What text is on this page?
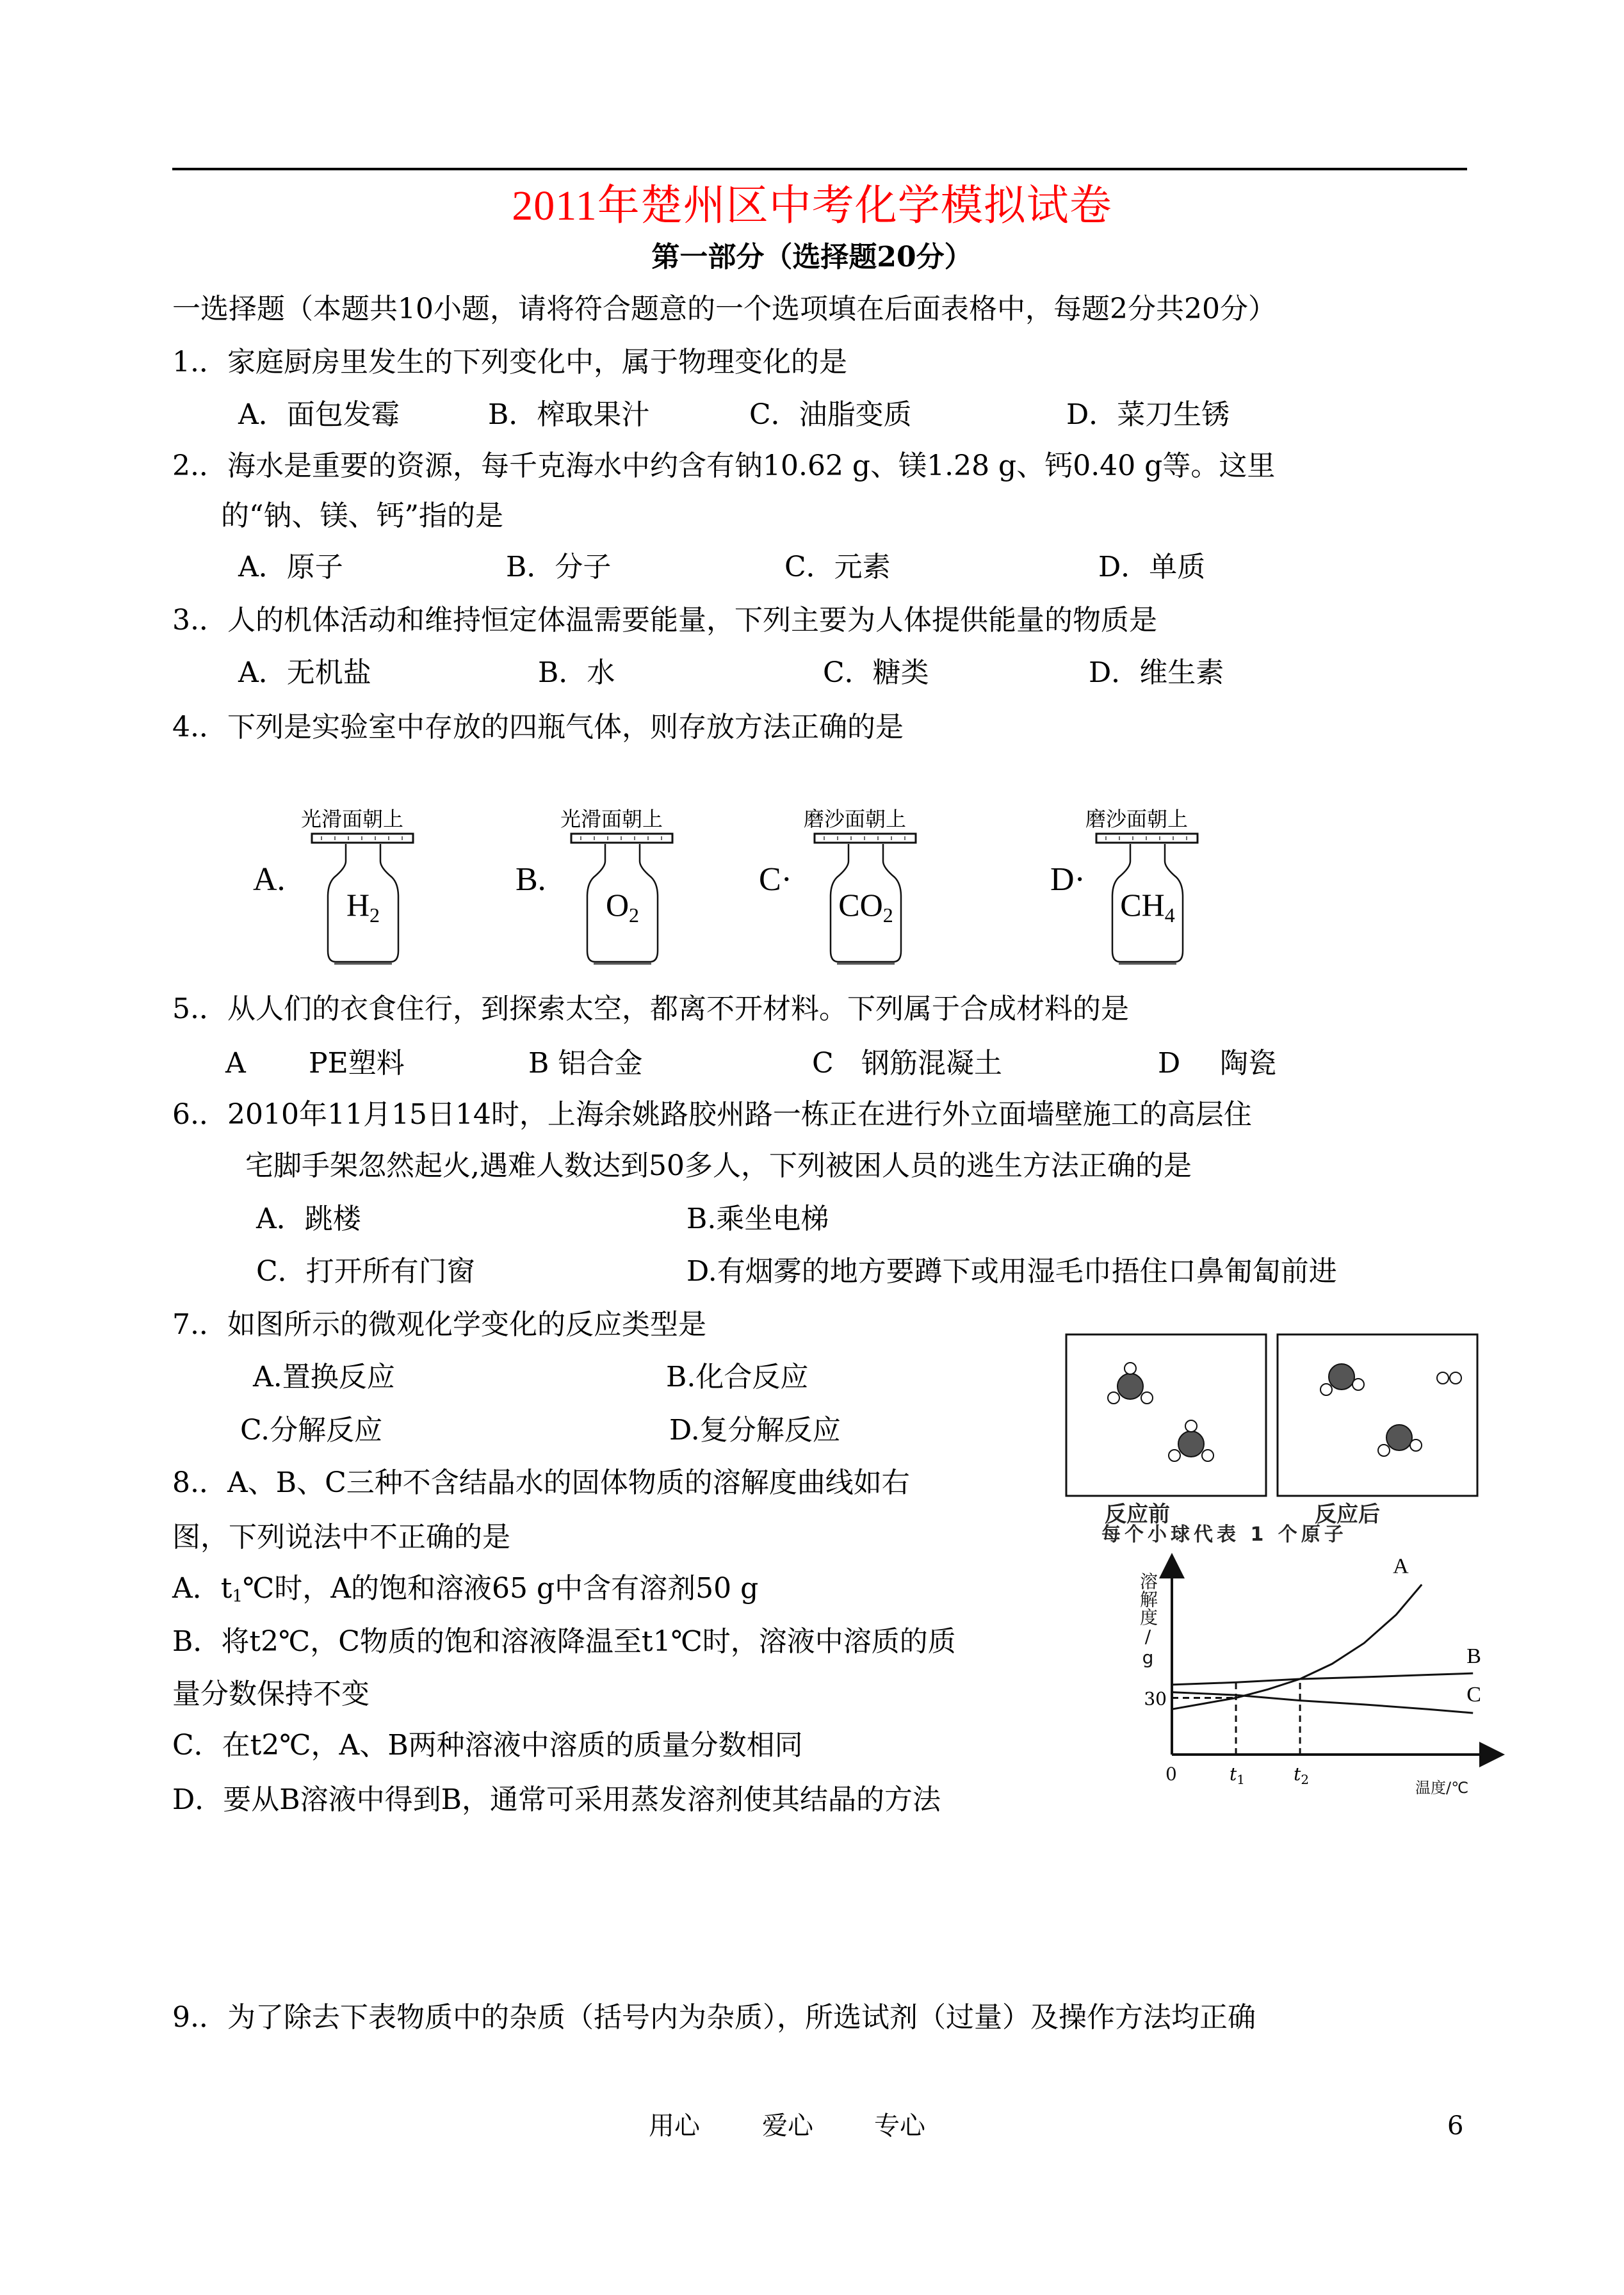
2011年楚州区中考化学模拟试卷
第一部分（选择题20分）
一选择题（本题共10小题，请将符合题意的一个选项填在后面表格中，每题2分共20分）
1.．家庭厨房里发生的下列变化中，属于物理变化的是
A．面包发霉	B．榨取果汁	C．油脂变质	D．菜刀生锈
2.．海水是重要的资源，每千克海水中约含有钠10.62 g、镁1.28 g、钙0.40 g等。这里
的“钠、镁、钙”指的是
A．原子	B．分子	C．元素	D．单质
3.．人的机体活动和维持恒定体温需要能量，下列主要为人体提供能量的物质是
A．无机盐	B．水	C．糖类	D．维生素
4.．下列是实验室中存放的四瓶气体，则存放方法正确的是
光滑面朝上
$H_2$
A.
光滑面朝上
$O_2$
B.
磨沙面朝上
$CO_2$
C·
磨沙面朝上
$CH_4$
D·
5.．从人们的衣食住行，到探索太空，都离不开材料。下列属于合成材料的是
A PE塑料	B 铝合金	C 钢筋混凝土	D 陶瓷
6.．2010年11月15日14时，上海余姚路胶州路一栋正在进行外立面墙壁施工的高层住
宅脚手架忽然起火,遇难人数达到50多人，下列被困人员的逃生方法正确的是
A．跳楼	B.乘坐电梯
C．打开所有门窗	D.有烟雾的地方要蹲下或用湿毛巾捂住口鼻匍匐前进
7.．如图所示的微观化学变化的反应类型是
A.置换反应	B.化合反应
C.分解反应	D.复分解反应
反应前	反应后
每个小球代表 1 个原子
8.．A、B、C三种不含结晶水的固体物质的溶解度曲线如右
图，下列说法中不正确的是
A．$t_1℃$时，A的饱和溶液65 g中含有溶剂50 g
B．将t2℃，C物质的饱和溶液降温至t1℃时，溶液中溶质的质
量分数保持不变
C．在t2℃，A、B两种溶液中溶质的质量分数相同
D．要从B溶液中得到B，通常可采用蒸发溶剂使其结晶的方法
A
B
C
30
$t_1$	$t_2$	温度/℃
0
溶解度/g
9.．为了除去下表物质中的杂质（括号内为杂质），所选试剂（过量）及操作方法均正确
用心 爱心 专心	6
